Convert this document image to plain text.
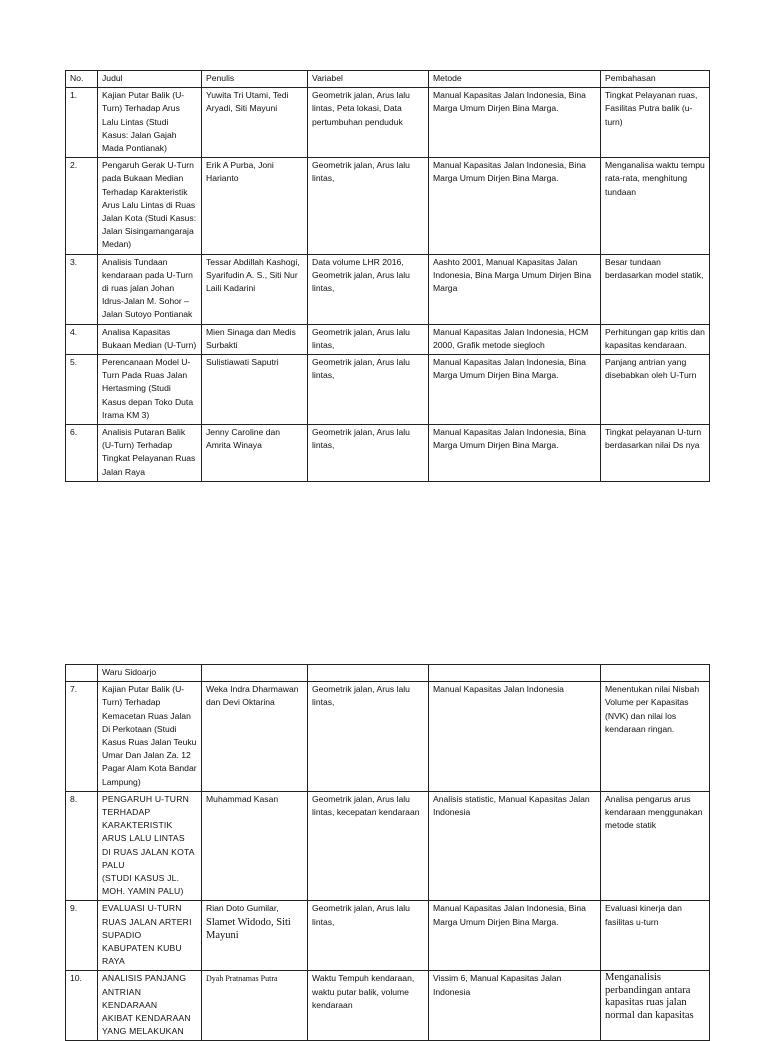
No.	Judul	Penulis	Variabel	Metode	Pembahasan
1.	Kajian Putar Balik (U-Turn) Terhadap Arus Lalu Lintas (Studi Kasus: Jalan Gajah Mada Pontianak)	Yuwita Tri Utami, Tedi Aryadi, Siti Mayuni	Geometrik jalan, Arus lalu lintas, Peta lokasi, Data pertumbuhan penduduk	Manual Kapasitas Jalan Indonesia, Bina Marga Umum Dirjen Bina Marga.	Tingkat Pelayanan ruas, Fasilitas Putra balik (u-turn)
2.	Pengaruh Gerak U-Turn pada Bukaan Median Terhadap Karakteristik Arus Lalu Lintas di Ruas Jalan Kota (Studi Kasus: Jalan Sisingamangaraja Medan)	Erik A Purba, Joni Harianto	Geometrik jalan, Arus lalu lintas,	Manual Kapasitas Jalan Indonesia, Bina Marga Umum Dirjen Bina Marga.	Menganalisa waktu tempu rata-rata, menghitung tundaan
3.	Analisis Tundaan kendaraan pada U-Turn di ruas jalan Johan Idrus-Jalan M. Sohor – Jalan Sutoyo Pontianak	Tessar Abdillah Kashogi, Syarifudin A. S., Siti Nur Laili Kadarini	Data volume LHR 2016, Geometrik jalan, Arus lalu lintas,	Aashto 2001, Manual Kapasitas Jalan Indonesia, Bina Marga Umum Dirjen Bina Marga	Besar tundaan berdasarkan model statik,
4.	Analisa Kapasitas Bukaan Median (U-Turn)	Mien Sinaga dan Medis Surbakti	Geometrik jalan, Arus lalu lintas,	Manual Kapasitas Jalan Indonesia, HCM 2000, Grafik metode siegloch	Perhitungan gap kritis dan kapasitas kendaraan.
5.	Perencanaan Model U-Turn Pada Ruas Jalan Hertasming (Studi Kasus depan Toko Duta Irama KM 3)	Sulistiawati Saputri	Geometrik jalan, Arus lalu lintas,	Manual Kapasitas Jalan Indonesia, Bina Marga Umum Dirjen Bina Marga.	Panjang antrian yang disebabkan oleh U-Turn
6.	Analisis Putaran Balik (U-Turn) Terhadap Tingkat Pelayanan Ruas Jalan Raya	Jenny Caroline dan Amrita Winaya	Geometrik jalan, Arus lalu lintas,	Manual Kapasitas Jalan Indonesia, Bina Marga Umum Dirjen Bina Marga.	Tingkat pelayanan U-turn berdasarkan nilai Ds nya
	Waru Sidoarjo				
7.	Kajian Putar Balik (U-Turn) Terhadap Kemacetan Ruas Jalan Di Perkotaan (Studi Kasus Ruas Jalan Teuku Umar Dan Jalan Za. 12 Pagar Alam Kota Bandar Lampung)	Weka Indra Dharmawan dan Devi Oktarina	Geometrik jalan, Arus lalu lintas,	Manual Kapasitas Jalan Indonesia	Menentukan nilai Nisbah Volume per Kapasitas (NVK) dan nilai los kendaraan ringan.
8.	PENGARUH U-TURN TERHADAP KARAKTERISTIK ARUS LALU LINTAS
DI RUAS JALAN KOTA PALU
(STUDI KASUS JL. MOH. YAMIN PALU)	Muhammad Kasan	Geometrik jalan, Arus lalu lintas, kecepatan kendaraan	Analisis statistic, Manual Kapasitas Jalan Indonesia	Analisa pengarus arus kendaraan menggunakan metode statik
9.	EVALUASI U-TURN RUAS JALAN ARTERI SUPADIO
KABUPATEN KUBU RAYA	Rian Doto Gumilar, Slamet Widodo, Siti Mayuni	Geometrik jalan, Arus lalu lintas,	Manual Kapasitas Jalan Indonesia, Bina Marga Umum Dirjen Bina Marga.	Evaluasi kinerja dan fasilitas u-turn
10.	ANALISIS PANJANG ANTRIAN KENDARAAN
AKIBAT KENDARAAN YANG MELAKUKAN	Dyah Pratnamas Putra	Waktu Tempuh kendaraan, waktu putar balik, volume kendaraan	Vissim 6, Manual Kapasitas Jalan Indonesia	Menganalisis perbandingan antara kapasitas ruas jalan normal dan kapasitas
